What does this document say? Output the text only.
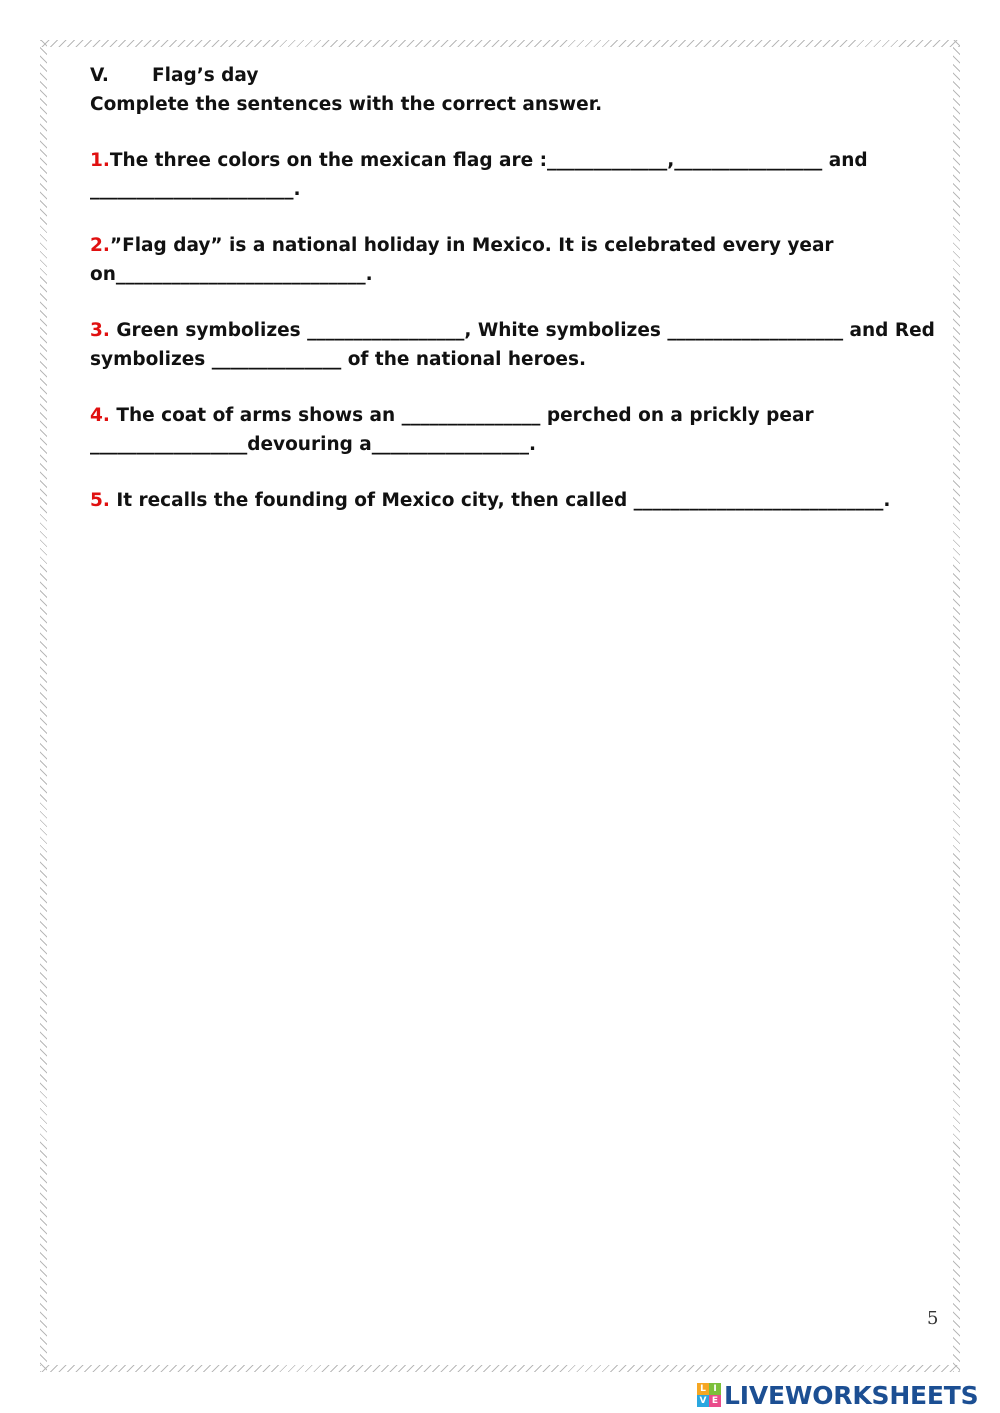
V.	Flag’s day
Complete the sentences with the correct answer.
1.The three colors on the mexican flag are :_____________,________________ and ______________________.
2.”Flag day” is a national holiday in Mexico. It is celebrated every year on___________________________.
3. Green symbolizes _________________, White symbolizes ___________________ and Red symbolizes ______________ of the national heroes.
4. The coat of arms shows an _______________ perched on a prickly pear _________________devouring a_________________.
5. It recalls the founding of Mexico city, then called ___________________________.
5
L I
V E LIVEWORKSHEETS
